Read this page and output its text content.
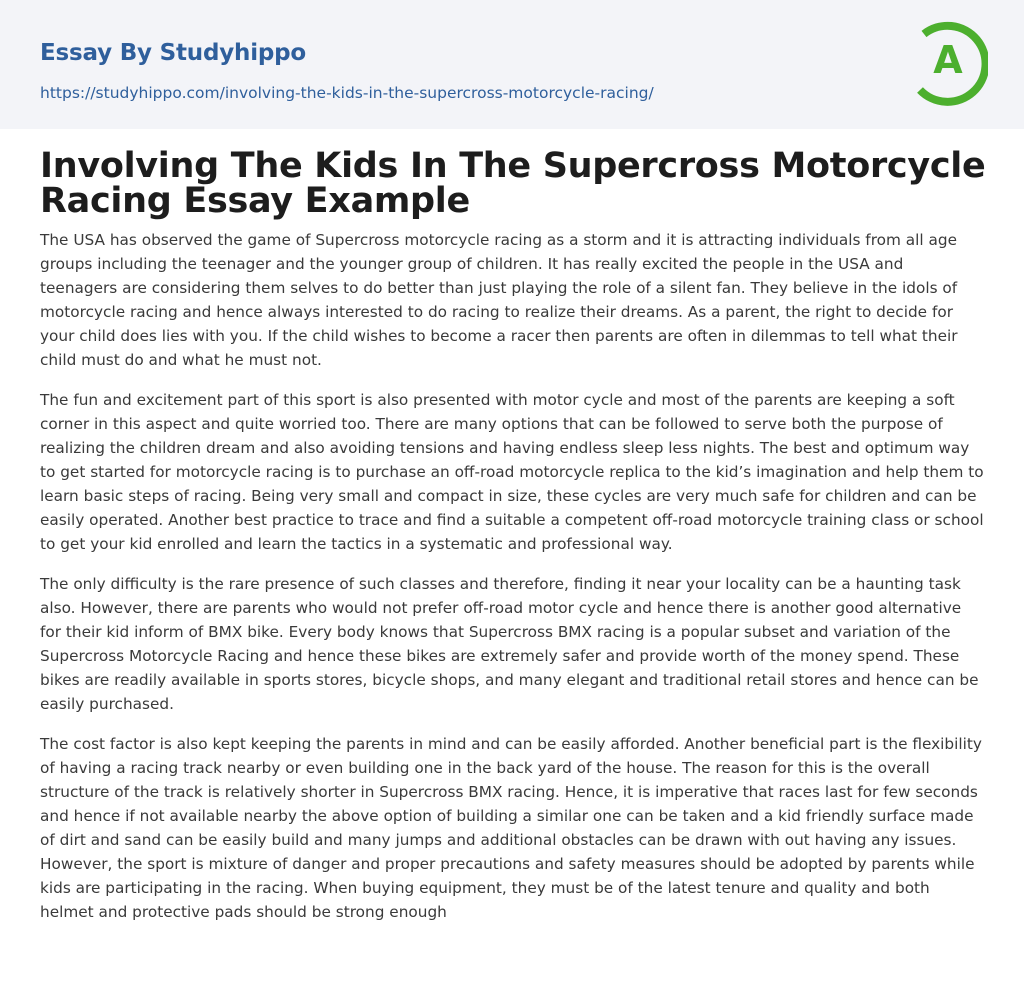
Essay By Studyhippo
https://studyhippo.com/involving-the-kids-in-the-supercross-motorcycle-racing/
A
Involving The Kids In The Supercross Motorcycle Racing Essay Example

The USA has observed the game of Supercross motorcycle racing as a storm and it is attracting individuals from all age groups including the teenager and the younger group of children. It has really excited the people in the USA and teenagers are considering them selves to do better than just playing the role of a silent fan. They believe in the idols of motorcycle racing and hence always interested to do racing to realize their dreams. As a parent, the right to decide for your child does lies with you. If the child wishes to become a racer then parents are often in dilemmas to tell what their child must do and what he must not.

The fun and excitement part of this sport is also presented with motor cycle and most of the parents are keeping a soft corner in this aspect and quite worried too. There are many options that can be followed to serve both the purpose of realizing the children dream and also avoiding tensions and having endless sleep less nights. The best and optimum way to get started for motorcycle racing is to purchase an off-road motorcycle replica to the kid’s imagination and help them to learn basic steps of racing. Being very small and compact in size, these cycles are very much safe for children and can be easily operated. Another best practice to trace and find a suitable a competent off-road motorcycle training class or school to get your kid enrolled and learn the tactics in a systematic and professional way.

The only difficulty is the rare presence of such classes and therefore, finding it near your locality can be a haunting task also. However, there are parents who would not prefer off-road motor cycle and hence there is another good alternative for their kid inform of BMX bike. Every body knows that Supercross BMX racing is a popular subset and variation of the Supercross Motorcycle Racing and hence these bikes are extremely safer and provide worth of the money spend. These bikes are readily available in sports stores, bicycle shops, and many elegant and traditional retail stores and hence can be easily purchased.

The cost factor is also kept keeping the parents in mind and can be easily afforded. Another beneficial part is the flexibility of having a racing track nearby or even building one in the back yard of the house. The reason for this is the overall structure of the track is relatively shorter in Supercross BMX racing. Hence, it is imperative that races last for few seconds and hence if not available nearby the above option of building a similar one can be taken and a kid friendly surface made of dirt and sand can be easily build and many jumps and additional obstacles can be drawn with out having any issues. However, the sport is mixture of danger and proper precautions and safety measures should be adopted by parents while kids are participating in the racing. When buying equipment, they must be of the latest tenure and quality and both helmet and protective pads should be strong enough
